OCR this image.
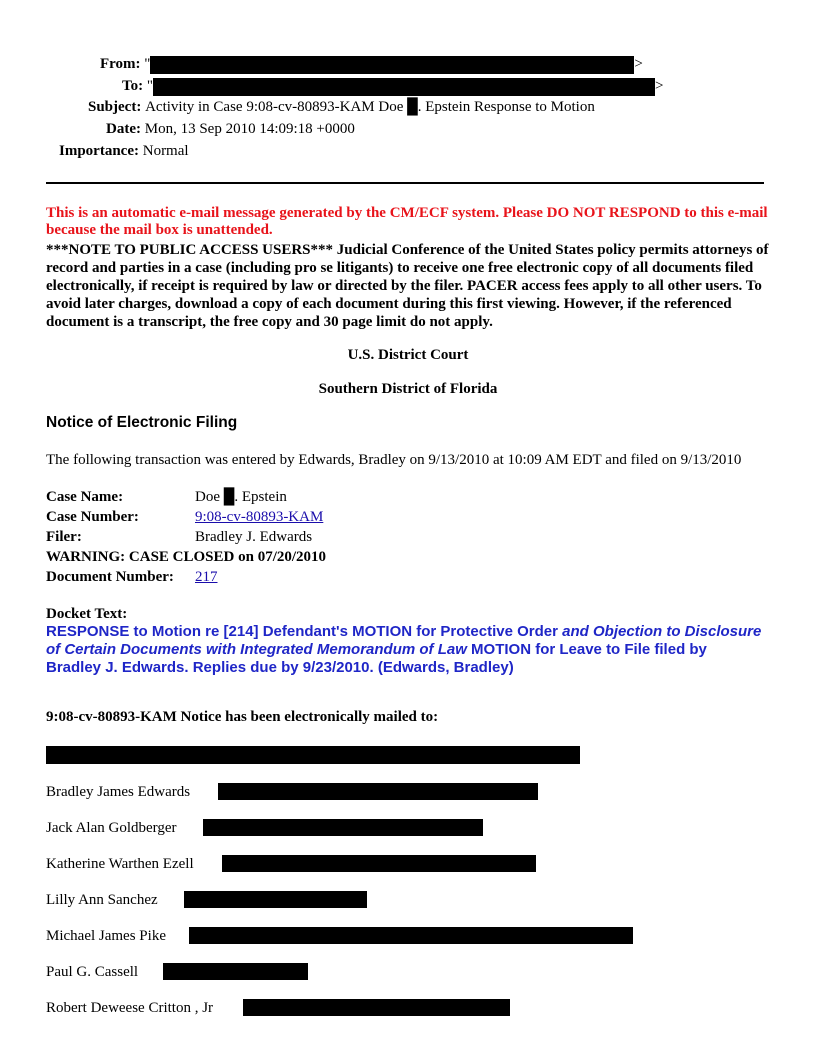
From: "	>
To: "	>
Subject: Activity in Case 9:08-cv-80893-KAM Doe █. Epstein Response to Motion
Date: Mon, 13 Sep 2010 14:09:18 +0000
Importance: Normal
This is an automatic e-mail message generated by the CM/ECF system. Please DO NOT RESPOND to this e-mail because the mail box is unattended.
***NOTE TO PUBLIC ACCESS USERS*** Judicial Conference of the United States policy permits attorneys of record and parties in a case (including pro se litigants) to receive one free electronic copy of all documents filed electronically, if receipt is required by law or directed by the filer. PACER access fees apply to all other users. To avoid later charges, download a copy of each document during this first viewing. However, if the referenced document is a transcript, the free copy and 30 page limit do not apply.
U.S. District Court
Southern District of Florida
Notice of Electronic Filing
The following transaction was entered by Edwards, Bradley on 9/13/2010 at 10:09 AM EDT and filed on 9/13/2010
Case Name:	Doe █. Epstein
Case Number:	9:08-cv-80893-KAM
Filer:	Bradley J. Edwards
WARNING: CASE CLOSED on 07/20/2010	
Document Number:	217
Docket Text:
RESPONSE to Motion re [214] Defendant's MOTION for Protective Order and Objection to Disclosure of Certain Documents with Integrated Memorandum of Law MOTION for Leave to File filed by Bradley J. Edwards. Replies due by 9/23/2010. (Edwards, Bradley)
9:08-cv-80893-KAM Notice has been electronically mailed to:
Bradley James Edwards
Jack Alan Goldberger
Katherine Warthen Ezell
Lilly Ann Sanchez
Michael James Pike
Paul G. Cassell
Robert Deweese Critton , Jr
